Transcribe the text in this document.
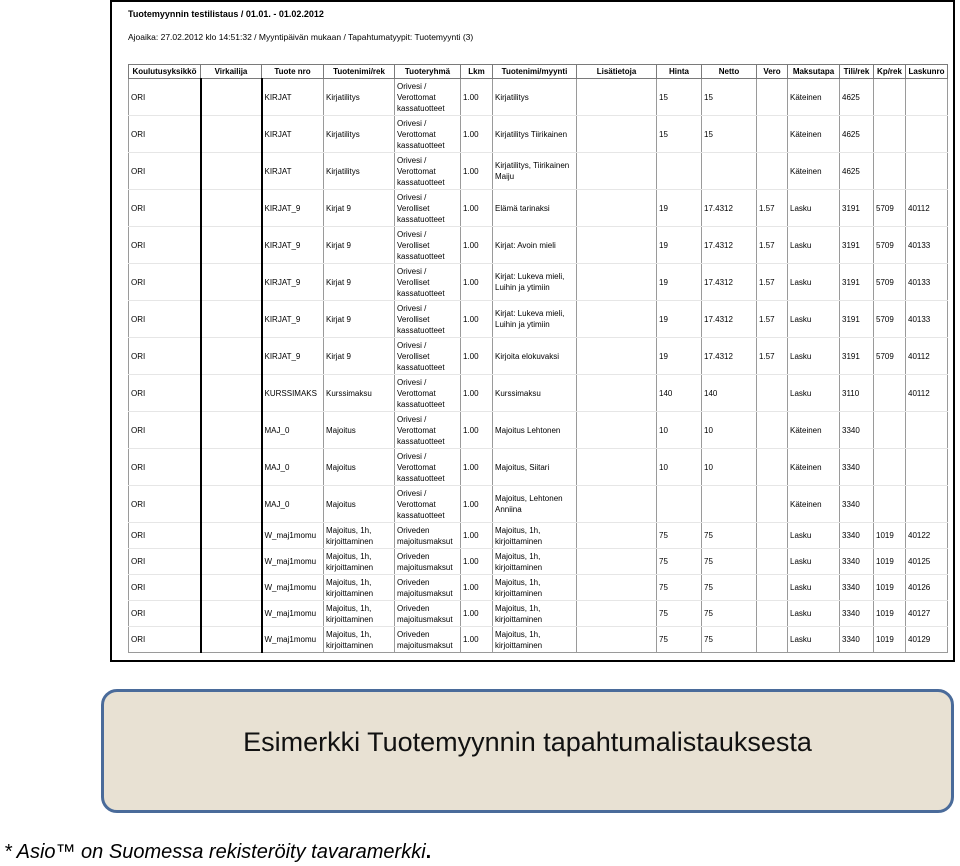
Tuotemyynnin testilistaus / 01.01. - 01.02.2012
Ajoaika: 27.02.2012 klo 14:51:32 / Myyntipäivän mukaan / Tapahtumatyypit: Tuotemyynti (3)
Koulutusyksikkö	Virkailija	Tuote nro	Tuotenimi/rek	Tuoteryhmä	Lkm	Tuotenimi/myynti	Lisätietoja	Hinta	Netto	Vero	Maksutapa	Tili/rek	Kp/rek	Laskunro
ORI		KIRJAT	Kirjatilitys	Orivesi / Verottomat kassatuotteet	1.00	Kirjatilitys		15	15		Käteinen	4625		
ORI		KIRJAT	Kirjatilitys	Orivesi / Verottomat kassatuotteet	1.00	Kirjatilitys Tiirikainen		15	15		Käteinen	4625		
ORI		KIRJAT	Kirjatilitys	Orivesi / Verottomat kassatuotteet	1.00	Kirjatilitys, Tiirikainen Maiju					Käteinen	4625		
ORI		KIRJAT_9	Kirjat 9	Orivesi / Verolliset kassatuotteet	1.00	Elämä tarinaksi		19	17.4312	1.57	Lasku	3191	5709	40112
ORI		KIRJAT_9	Kirjat 9	Orivesi / Verolliset kassatuotteet	1.00	Kirjat: Avoin mieli		19	17.4312	1.57	Lasku	3191	5709	40133
ORI		KIRJAT_9	Kirjat 9	Orivesi / Verolliset kassatuotteet	1.00	Kirjat: Lukeva mieli, Luihin ja ytimiin		19	17.4312	1.57	Lasku	3191	5709	40133
ORI		KIRJAT_9	Kirjat 9	Orivesi / Verolliset kassatuotteet	1.00	Kirjat: Lukeva mieli, Luihin ja ytimiin		19	17.4312	1.57	Lasku	3191	5709	40133
ORI		KIRJAT_9	Kirjat 9	Orivesi / Verolliset kassatuotteet	1.00	Kirjoita elokuvaksi		19	17.4312	1.57	Lasku	3191	5709	40112
ORI		KURSSIMAKS	Kurssimaksu	Orivesi / Verottomat kassatuotteet	1.00	Kurssimaksu		140	140		Lasku	3110		40112
ORI		MAJ_0	Majoitus	Orivesi / Verottomat kassatuotteet	1.00	Majoitus Lehtonen		10	10		Käteinen	3340		
ORI		MAJ_0	Majoitus	Orivesi / Verottomat kassatuotteet	1.00	Majoitus, Siitari		10	10		Käteinen	3340		
ORI		MAJ_0	Majoitus	Orivesi / Verottomat kassatuotteet	1.00	Majoitus, Lehtonen Anniina					Käteinen	3340		
ORI		W_maj1momu	Majoitus, 1h, kirjoittaminen	Oriveden majoitusmaksut	1.00	Majoitus, 1h, kirjoittaminen		75	75		Lasku	3340	1019	40122
ORI		W_maj1momu	Majoitus, 1h, kirjoittaminen	Oriveden majoitusmaksut	1.00	Majoitus, 1h, kirjoittaminen		75	75		Lasku	3340	1019	40125
ORI		W_maj1momu	Majoitus, 1h, kirjoittaminen	Oriveden majoitusmaksut	1.00	Majoitus, 1h, kirjoittaminen		75	75		Lasku	3340	1019	40126
ORI		W_maj1momu	Majoitus, 1h, kirjoittaminen	Oriveden majoitusmaksut	1.00	Majoitus, 1h, kirjoittaminen		75	75		Lasku	3340	1019	40127
ORI		W_maj1momu	Majoitus, 1h, kirjoittaminen	Oriveden majoitusmaksut	1.00	Majoitus, 1h, kirjoittaminen		75	75		Lasku	3340	1019	40129
Esimerkki Tuotemyynnin tapahtumalistauksesta
* Asio™ on Suomessa rekisteröity tavaramerkki.
